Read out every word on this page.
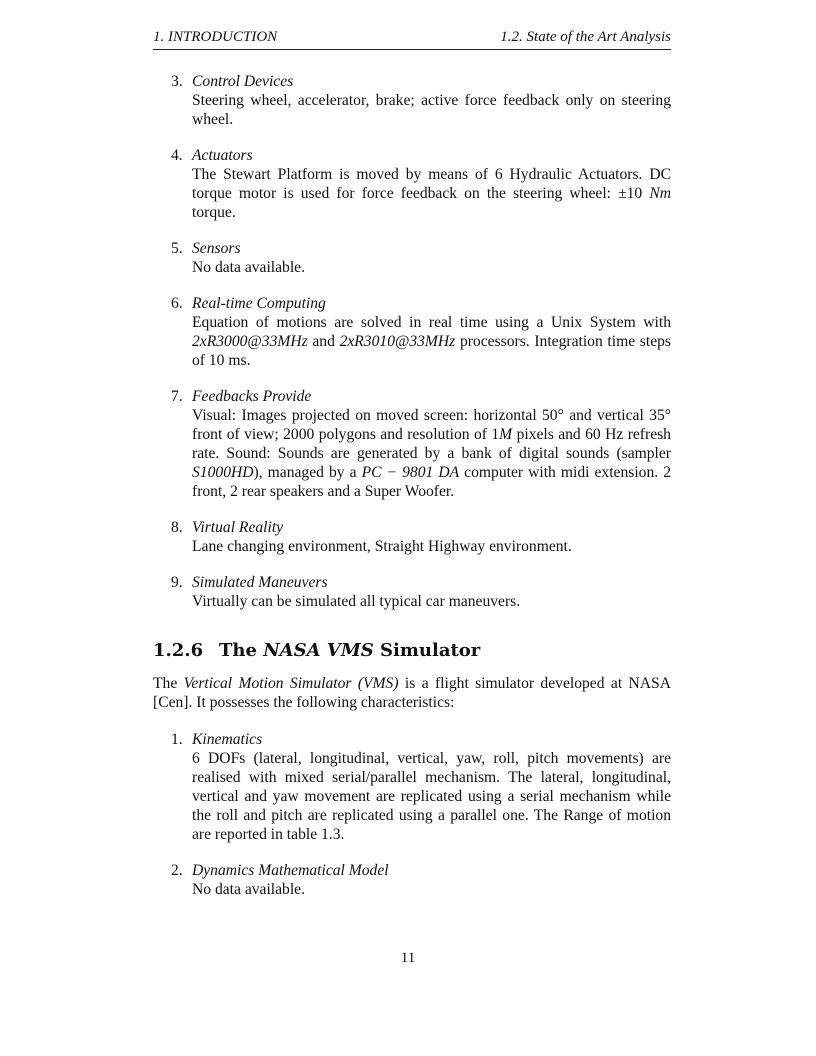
1. INTRODUCTION	1.2. State of the Art Analysis
3. Control Devices
Steering wheel, accelerator, brake; active force feedback only on steering wheel.
4. Actuators
The Stewart Platform is moved by means of 6 Hydraulic Actuators. DC torque motor is used for force feedback on the steering wheel: ±10 Nm torque.
5. Sensors
No data available.
6. Real-time Computing
Equation of motions are solved in real time using a Unix System with 2xR3000@33MHz and 2xR3010@33MHz processors. Integration time steps of 10 ms.
7. Feedbacks Provide
Visual: Images projected on moved screen: horizontal 50° and vertical 35° front of view; 2000 polygons and resolution of 1M pixels and 60 Hz refresh rate. Sound: Sounds are generated by a bank of digital sounds (sampler S1000HD), managed by a PC − 9801 DA computer with midi extension. 2 front, 2 rear speakers and a Super Woofer.
8. Virtual Reality
Lane changing environment, Straight Highway environment.
9. Simulated Maneuvers
Virtually can be simulated all typical car maneuvers.
1.2.6 The NASA VMS Simulator
The Vertical Motion Simulator (VMS) is a flight simulator developed at NASA [Cen]. It possesses the following characteristics:
1. Kinematics
6 DOFs (lateral, longitudinal, vertical, yaw, roll, pitch movements) are realised with mixed serial/parallel mechanism. The lateral, longitudinal, vertical and yaw movement are replicated using a serial mechanism while the roll and pitch are replicated using a parallel one. The Range of motion are reported in table 1.3.
2. Dynamics Mathematical Model
No data available.
11
